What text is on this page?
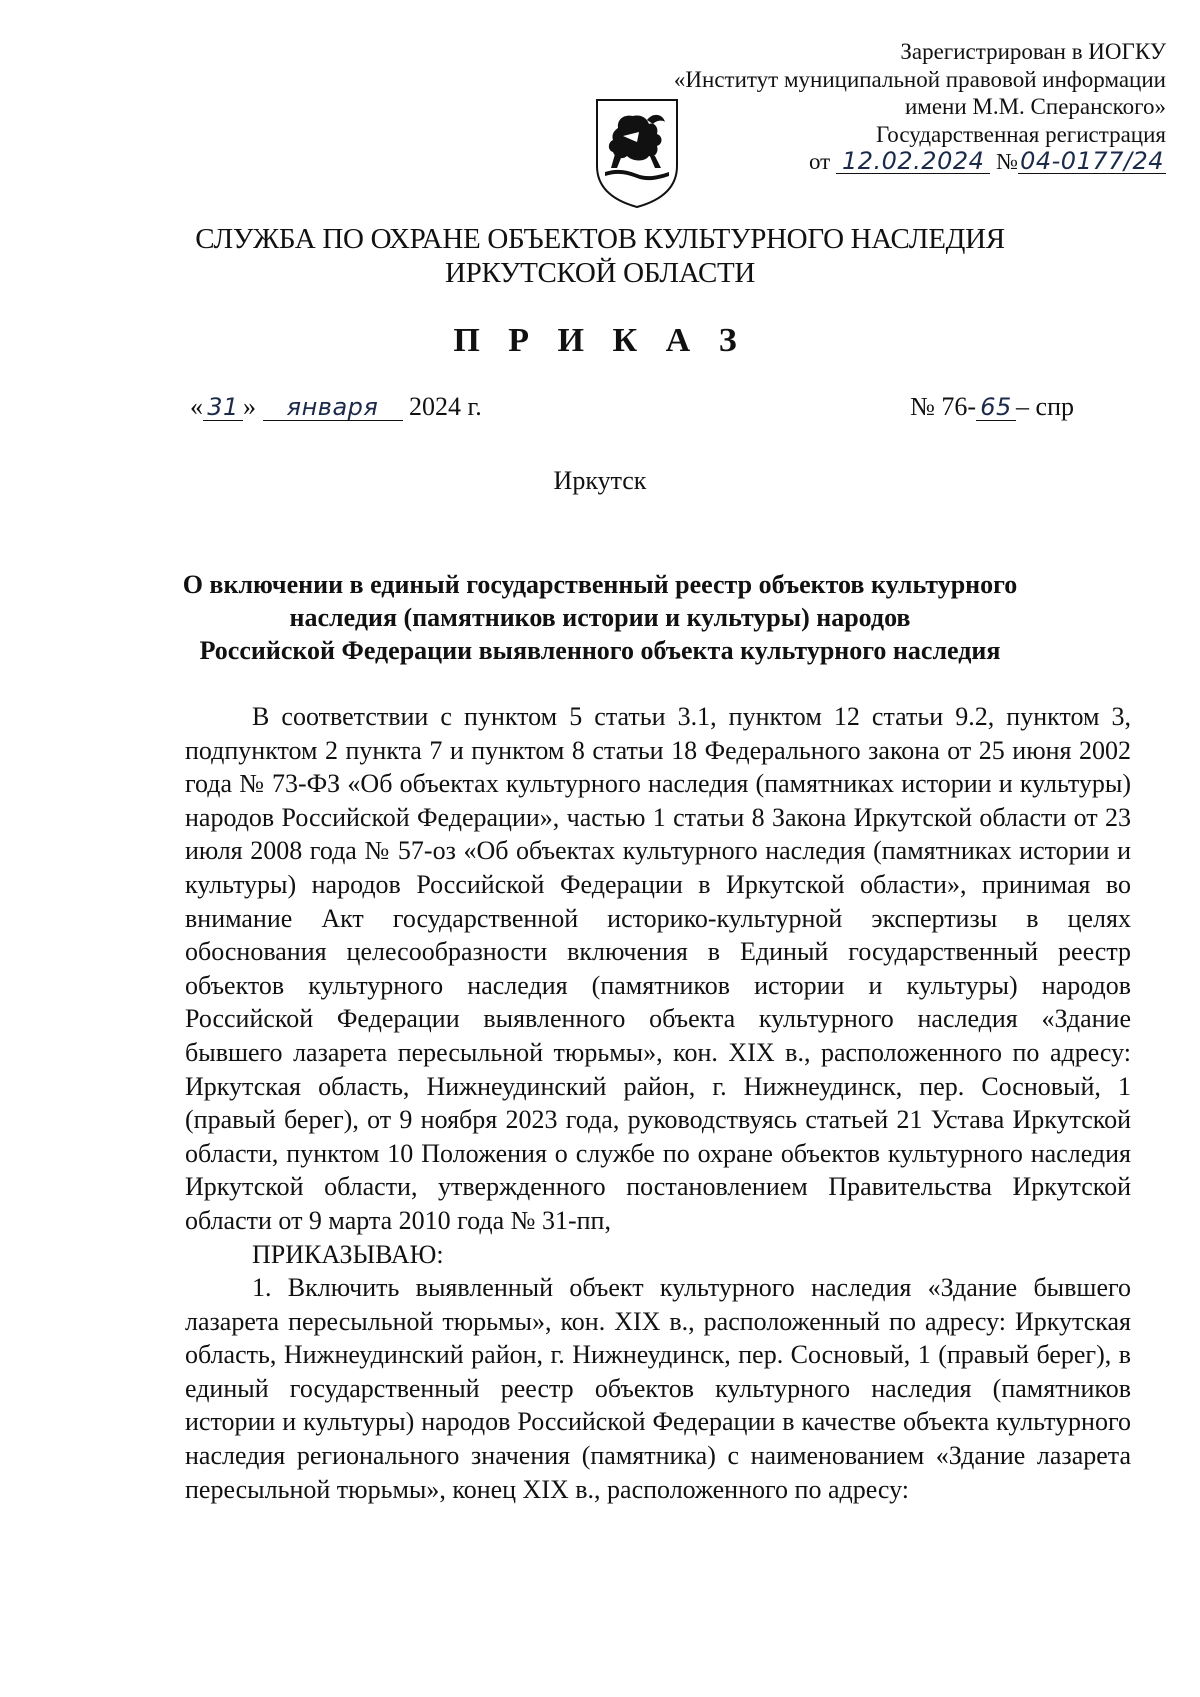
Зарегистрирован в ИОГКУ
«Институт муниципальной правовой информации
имени М.М. Сперанского»
Государственная регистрация
от 12.02.2024 №04-0177/24
СЛУЖБА ПО ОХРАНЕ ОБЪЕКТОВ КУЛЬТУРНОГО НАСЛЕДИЯ
ИРКУТСКОЙ ОБЛАСТИ
П Р И К А З
« 31 » января 2024 г.	№ 76- 65 – спр
Иркутск
О включении в единый государственный реестр объектов культурного
наследия (памятников истории и культуры) народов
Российской Федерации выявленного объекта культурного наследия

В соответствии с пунктом 5 статьи 3.1, пунктом 12 статьи 9.2, пунктом 3, подпунктом 2 пункта 7 и пунктом 8 статьи 18 Федерального закона от 25 июня 2002 года № 73-ФЗ «Об объектах культурного наследия (памятниках истории и культуры) народов Российской Федерации», частью 1 статьи 8 Закона Иркутской области от 23 июля 2008 года № 57-оз «Об объектах культурного наследия (памятниках истории и культуры) народов Российской Федерации в Иркутской области», принимая во внимание Акт государственной историко-культурной экспертизы в целях обоснования целесообразности включения в Единый государственный реестр объектов культурного наследия (памятников истории и культуры) народов Российской Федерации выявленного объекта культурного наследия «Здание бывшего лазарета пересыльной тюрьмы», кон. XIX в., расположенного по адресу: Иркутская область, Нижнеудинский район, г. Нижнеудинск, пер. Сосновый, 1 (правый берег), от 9 ноября 2023 года, руководствуясь статьей 21 Устава Иркутской области, пунктом 10 Положения о службе по охране объектов культурного наследия Иркутской области, утвержденного постановлением Правительства Иркутской области от 9 марта 2010 года № 31-пп,

ПРИКАЗЫВАЮ:

1. Включить выявленный объект культурного наследия «Здание бывшего лазарета пересыльной тюрьмы», кон. XIX в., расположенный по адресу: Иркутская область, Нижнеудинский район, г. Нижнеудинск, пер. Сосновый, 1 (правый берег), в единый государственный реестр объектов культурного наследия (памятников истории и культуры) народов Российской Федерации в качестве объекта культурного наследия регионального значения (памятника) с наименованием «Здание лазарета пересыльной тюрьмы», конец XIX в., расположенного по адресу:
